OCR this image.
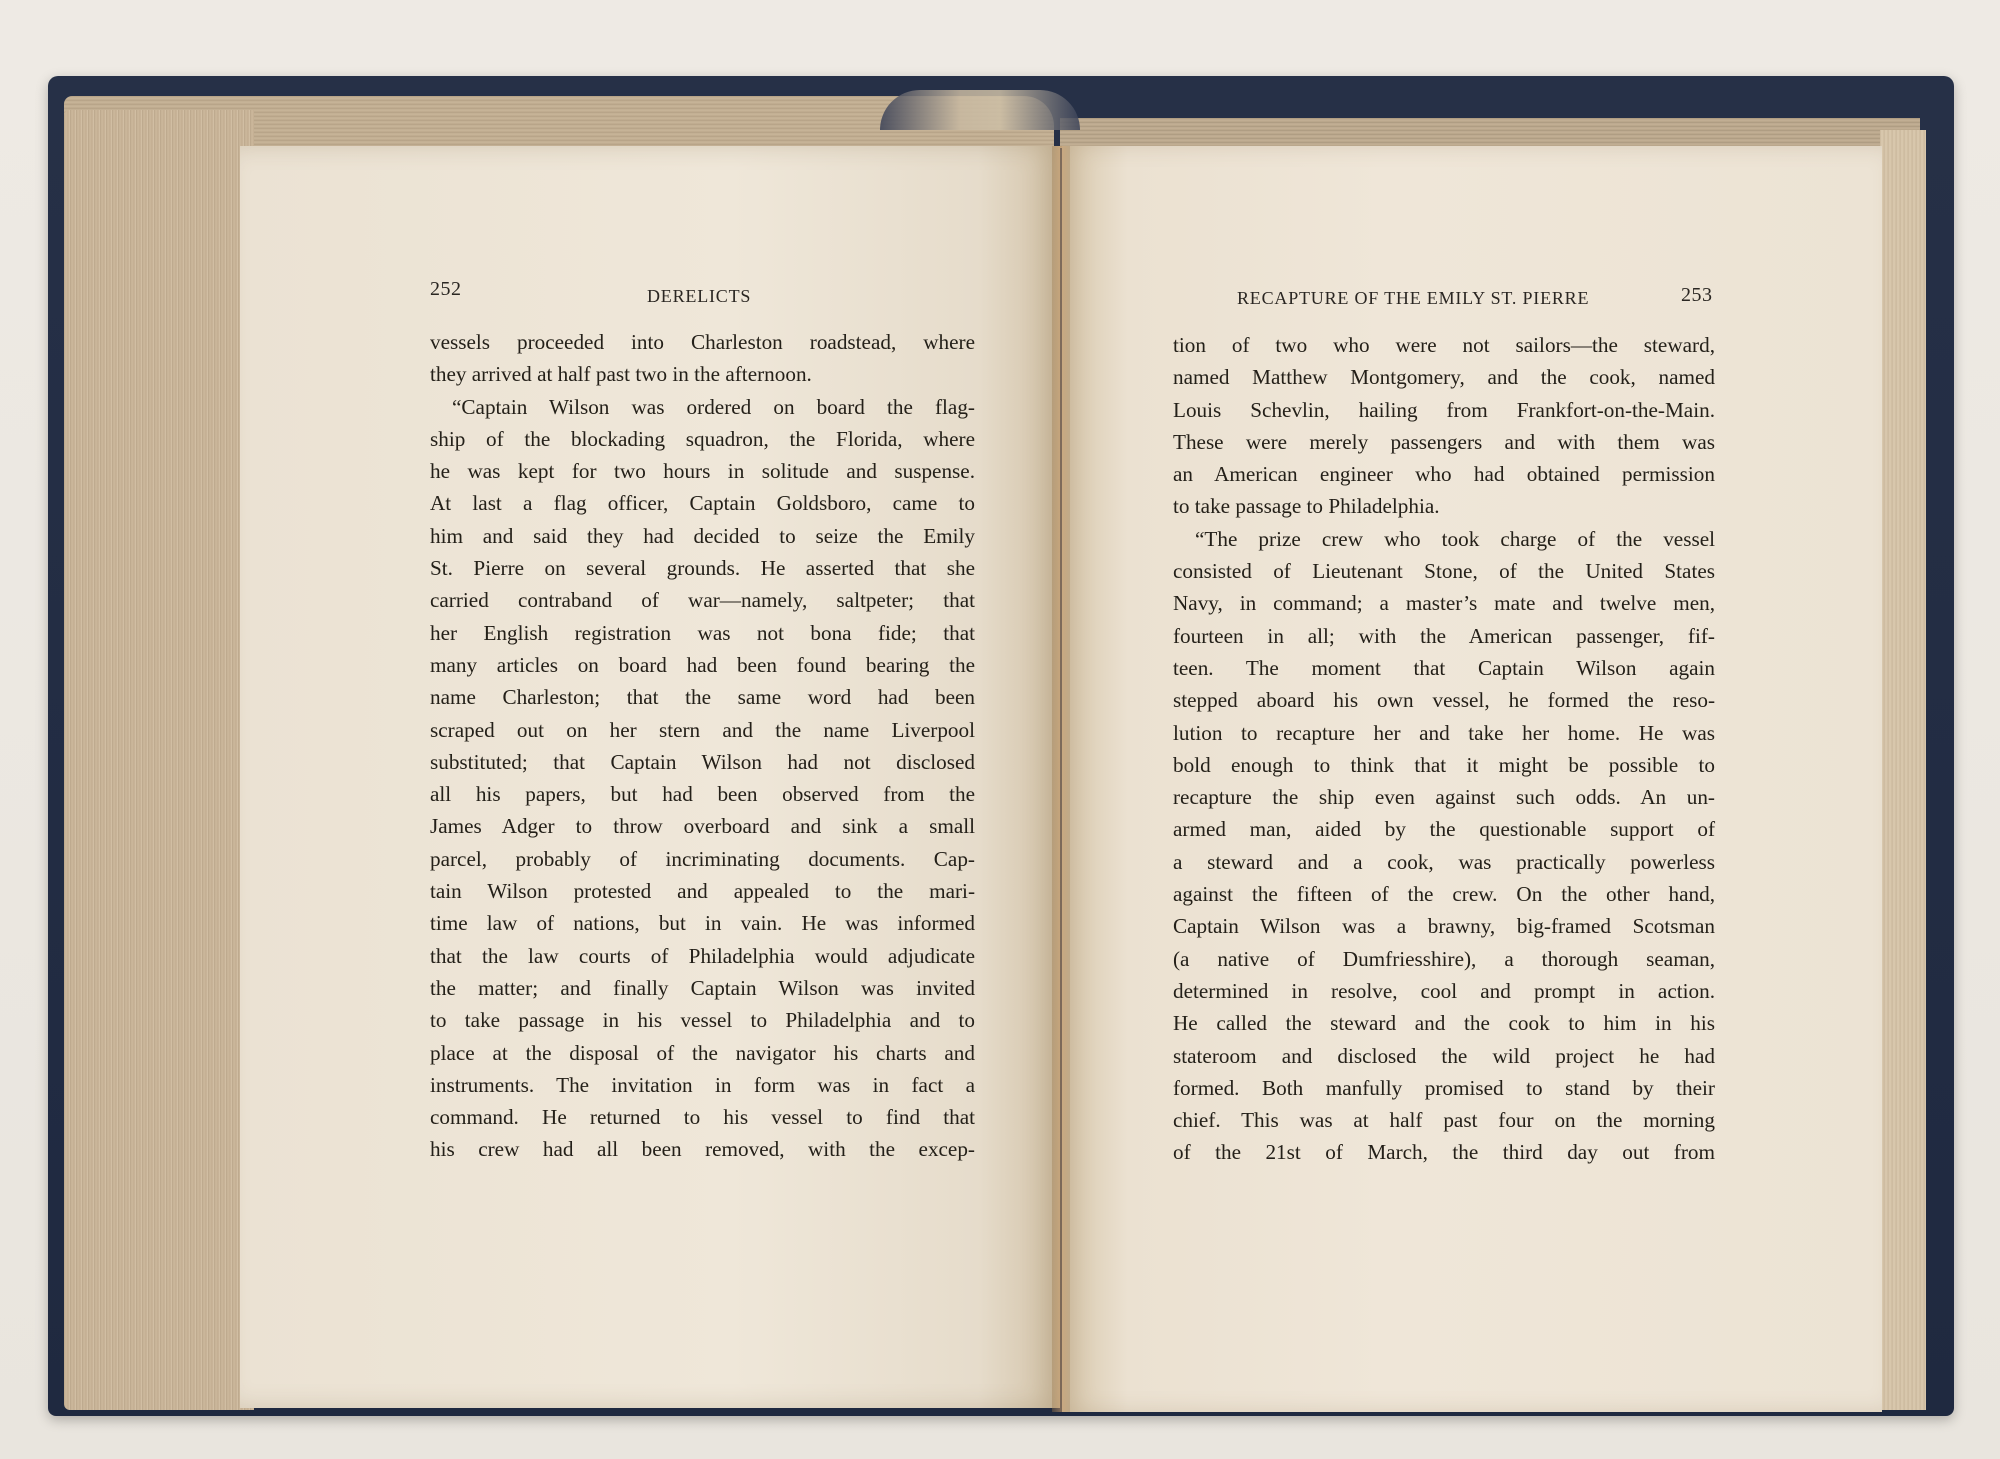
252	DERELICTS	RECAPTURE OF THE EMILY ST. PIERRE	253
vessels proceeded into Charleston roadstead, where
they arrived at half past two in the afternoon.
“Captain Wilson was ordered on board the flag-
ship of the blockading squadron, the Florida, where
he was kept for two hours in solitude and suspense.
At last a flag officer, Captain Goldsboro, came to
him and said they had decided to seize the Emily
St. Pierre on several grounds. He asserted that she
carried contraband of war—namely, saltpeter; that
her English registration was not bona fide; that
many articles on board had been found bearing the
name Charleston; that the same word had been
scraped out on her stern and the name Liverpool
substituted; that Captain Wilson had not disclosed
all his papers, but had been observed from the
James Adger to throw overboard and sink a small
parcel, probably of incriminating documents. Cap-
tain Wilson protested and appealed to the mari-
time law of nations, but in vain. He was informed
that the law courts of Philadelphia would adjudicate
the matter; and finally Captain Wilson was invited
to take passage in his vessel to Philadelphia and to
place at the disposal of the navigator his charts and
instruments. The invitation in form was in fact a
command. He returned to his vessel to find that
his crew had all been removed, with the excep-
tion of two who were not sailors—the steward,
named Matthew Montgomery, and the cook, named
Louis Schevlin, hailing from Frankfort-on-the-Main.
These were merely passengers and with them was
an American engineer who had obtained permission
to take passage to Philadelphia.
“The prize crew who took charge of the vessel
consisted of Lieutenant Stone, of the United States
Navy, in command; a master’s mate and twelve men,
fourteen in all; with the American passenger, fif-
teen. The moment that Captain Wilson again
stepped aboard his own vessel, he formed the reso-
lution to recapture her and take her home. He was
bold enough to think that it might be possible to
recapture the ship even against such odds. An un-
armed man, aided by the questionable support of
a steward and a cook, was practically powerless
against the fifteen of the crew. On the other hand,
Captain Wilson was a brawny, big-framed Scotsman
(a native of Dumfriesshire), a thorough seaman,
determined in resolve, cool and prompt in action.
He called the steward and the cook to him in his
stateroom and disclosed the wild project he had
formed. Both manfully promised to stand by their
chief. This was at half past four on the morning
of the 21st of March, the third day out from
